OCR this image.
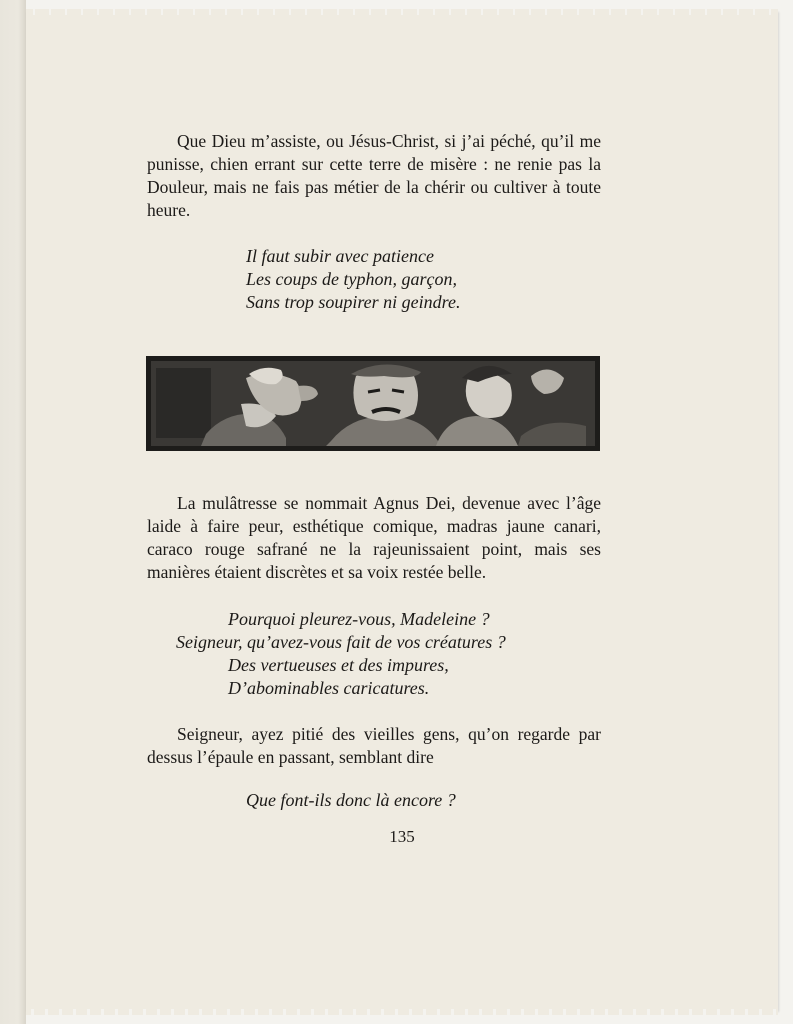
Que Dieu m’assiste, ou Jésus-Christ, si j’ai péché, qu’il me punisse, chien errant sur cette terre de misère : ne renie pas la Douleur, mais ne fais pas métier de la chérir ou cultiver à toute heure.

Il faut subir avec patience
Les coups de typhon, garçon,
Sans trop soupirer ni geindre.

La mulâtresse se nommait Agnus Dei, devenue avec l’âge laide à faire peur, esthétique comique, madras jaune canari, caraco rouge safrané ne la rajeunissaient point, mais ses manières étaient discrètes et sa voix restée belle.

Pourquoi pleurez-vous, Madeleine ?
Seigneur, qu’avez-vous fait de vos créatures ?
Des vertueuses et des impures,
D’abominables caricatures.

Seigneur, ayez pitié des vieilles gens, qu’on regarde par dessus l’épaule en passant, semblant dire

Que font-ils donc là encore ?
135
